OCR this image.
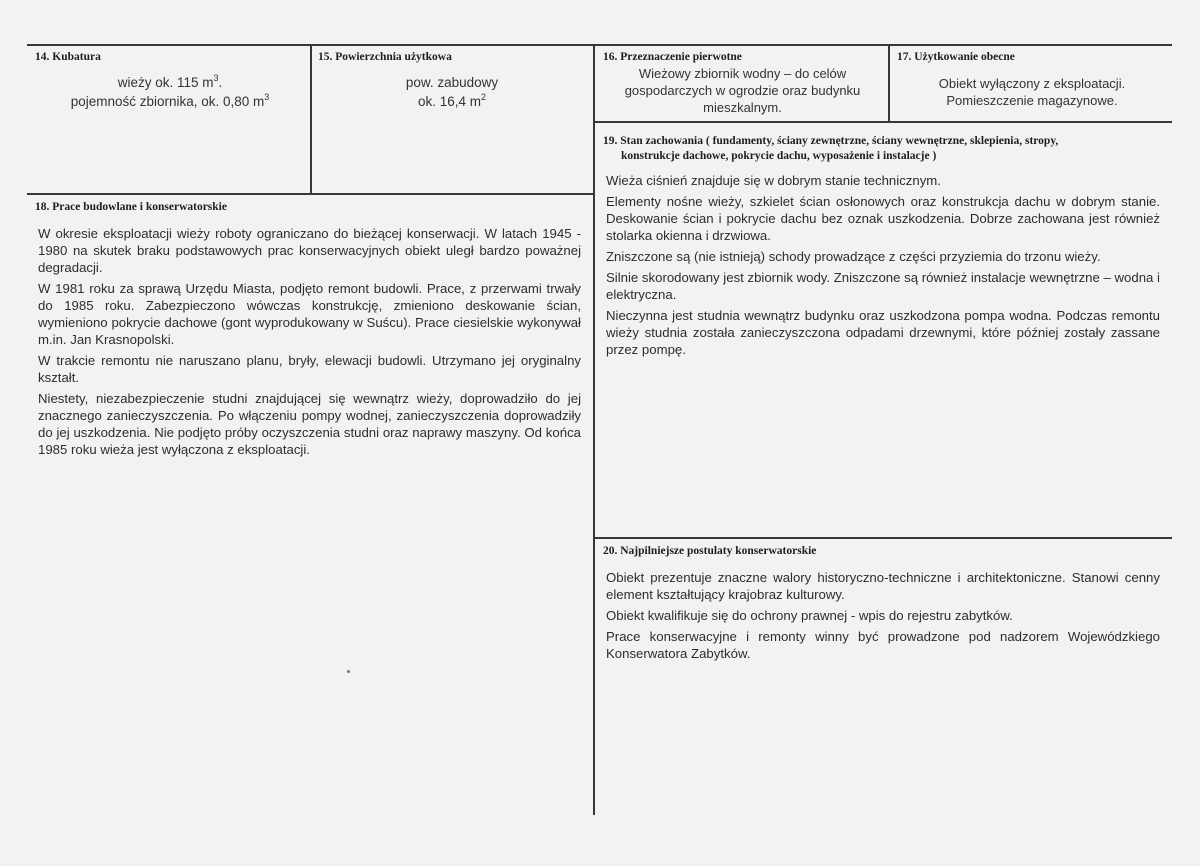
14. Kubatura
wieży ok. 115 $m^3$.
pojemność zbiornika, ok. 0,80 $m^3$
15. Powierzchnia użytkowa
pow. zabudowy
ok. 16,4 $m^2$
16. Przeznaczenie pierwotne
Wieżowy zbiornik wodny – do celów gospodarczych w ogrodzie oraz budynku mieszkalnym.
17. Użytkowanie obecne
Obiekt wyłączony z eksploatacji.
Pomieszczenie magazynowe.
18. Prace budowlane i konserwatorskie

W okresie eksploatacji wieży roboty ograniczano do bieżącej konserwacji. W latach 1945 - 1980 na skutek braku podstawowych prac konserwacyjnych obiekt uległ bardzo poważnej degradacji.

W 1981 roku za sprawą Urzędu Miasta, podjęto remont budowli. Prace, z przerwami trwały do 1985 roku. Zabezpieczono wówczas konstrukcję, zmieniono deskowanie ścian, wymieniono pokrycie dachowe (gont wyprodukowany w Suścu). Prace ciesielskie wykonywał m.in. Jan Krasnopolski.

W trakcie remontu nie naruszano planu, bryły, elewacji budowli. Utrzymano jej oryginalny kształt.

Niestety, niezabezpieczenie studni znajdującej się wewnątrz wieży, doprowadziło do jej znacznego zanieczyszczenia. Po włączeniu pompy wodnej, zanieczyszczenia doprowadziły do jej uszkodzenia. Nie podjęto próby oczyszczenia studni oraz naprawy maszyny. Od końca 1985 roku wieża jest wyłączona z eksploatacji.

19. Stan zachowania ( fundamenty, ściany zewnętrzne, ściany wewnętrzne, sklepienia, stropy,
konstrukcje dachowe, pokrycie dachu, wyposażenie i instalacje )

Wieża ciśnień znajduje się w dobrym stanie technicznym.

Elementy nośne wieży, szkielet ścian osłonowych oraz konstrukcja dachu w dobrym stanie. Deskowanie ścian i pokrycie dachu bez oznak uszkodzenia. Dobrze zachowana jest również stolarka okienna i drzwiowa.

Zniszczone są (nie istnieją) schody prowadzące z części przyziemia do trzonu wieży.

Silnie skorodowany jest zbiornik wody. Zniszczone są również instalacje wewnętrzne – wodna i elektryczna.

Nieczynna jest studnia wewnątrz budynku oraz uszkodzona pompa wodna. Podczas remontu wieży studnia została zanieczyszczona odpadami drzewnymi, które później zostały zassane przez pompę.

20. Najpilniejsze postulaty konserwatorskie

Obiekt prezentuje znaczne walory historyczno-techniczne i architektoniczne. Stanowi cenny element kształtujący krajobraz kulturowy.

Obiekt kwalifikuje się do ochrony prawnej - wpis do rejestru zabytków.

Prace konserwacyjne i remonty winny być prowadzone pod nadzorem Wojewódzkiego Konserwatora Zabytków.
